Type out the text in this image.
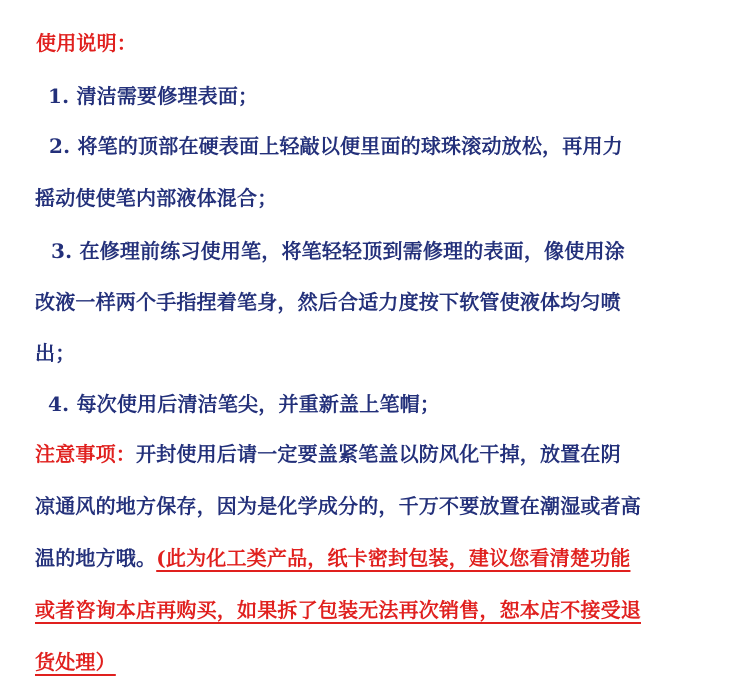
使用说明：
1. 清洁需要修理表面；
2. 将笔的顶部在硬表面上轻敲以便里面的球珠滚动放松，再用力
摇动使使笔内部液体混合；
3. 在修理前练习使用笔，将笔轻轻顶到需修理的表面，像使用涂
改液一样两个手指捏着笔身，然后合适力度按下软管使液体均匀喷
出；
4. 每次使用后清洁笔尖，并重新盖上笔帽；
注意事项：开封使用后请一定要盖紧笔盖以防风化干掉，放置在阴
凉通风的地方保存，因为是化学成分的，千万不要放置在潮湿或者高
温的地方哦。(此为化工类产品，纸卡密封包装，建议您看清楚功能
或者咨询本店再购买，如果拆了包装无法再次销售，恕本店不接受退
货处理）
